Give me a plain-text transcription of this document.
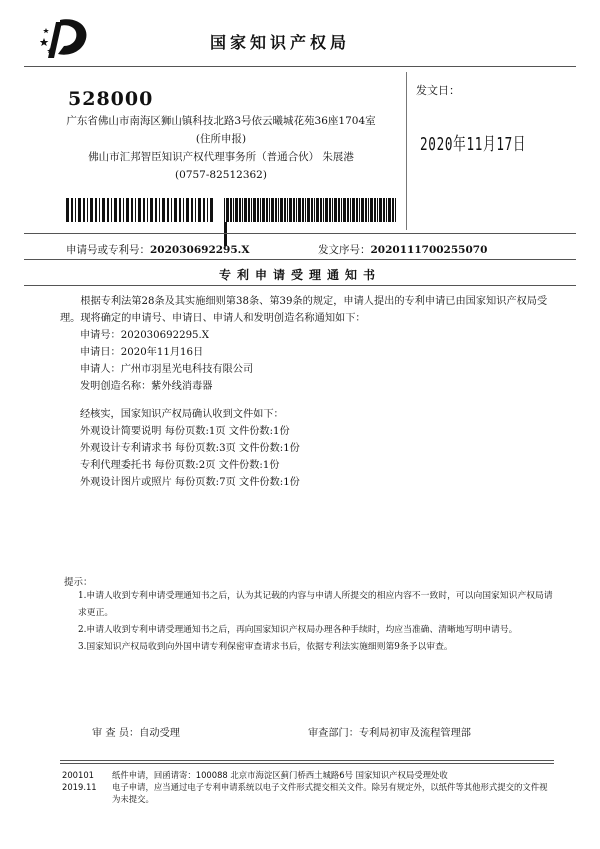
国家知识产权局
528000
广东省佛山市南海区狮山镇科技北路3号依云曦城花苑36座1704室
(住所申报)
佛山市汇邦智臣知识产权代理事务所（普通合伙） 朱展港
(0757-82512362)
发文日：
2020年11月17日
申请号或专利号：202030692295.X	发文序号：2020111700255070
专利申请受理通知书
根据专利法第28条及其实施细则第38条、第39条的规定，申请人提出的专利申请已由国家知识产权局受理。现将确定的申请号、申请日、申请人和发明创造名称通知如下：
申请号：202030692295.X
申请日：2020年11月16日
申请人：广州市羽星光电科技有限公司
发明创造名称：紫外线消毒器
经核实，国家知识产权局确认收到文件如下：
外观设计简要说明 每份页数:1页 文件份数:1份
外观设计专利请求书 每份页数:3页 文件份数:1份
专利代理委托书 每份页数:2页 文件份数:1份
外观设计图片或照片 每份页数:7页 文件份数:1份
提示：
1.申请人收到专利申请受理通知书之后，认为其记载的内容与申请人所提交的相应内容不一致时，可以向国家知识产权局请求更正。
2.申请人收到专利申请受理通知书之后，再向国家知识产权局办理各种手续时，均应当准确、清晰地写明申请号。
3.国家知识产权局收到向外国申请专利保密审查请求书后，依据专利法实施细则第9条予以审查。
审 查 员：自动受理	审查部门：专利局初审及流程管理部
200101
2019.11
纸件申请，回函请寄：100088 北京市海淀区蓟门桥西土城路6号 国家知识产权局受理处收
电子申请，应当通过电子专利申请系统以电子文件形式提交相关文件。除另有规定外，以纸件等其他形式提交的文件视为未提交。
